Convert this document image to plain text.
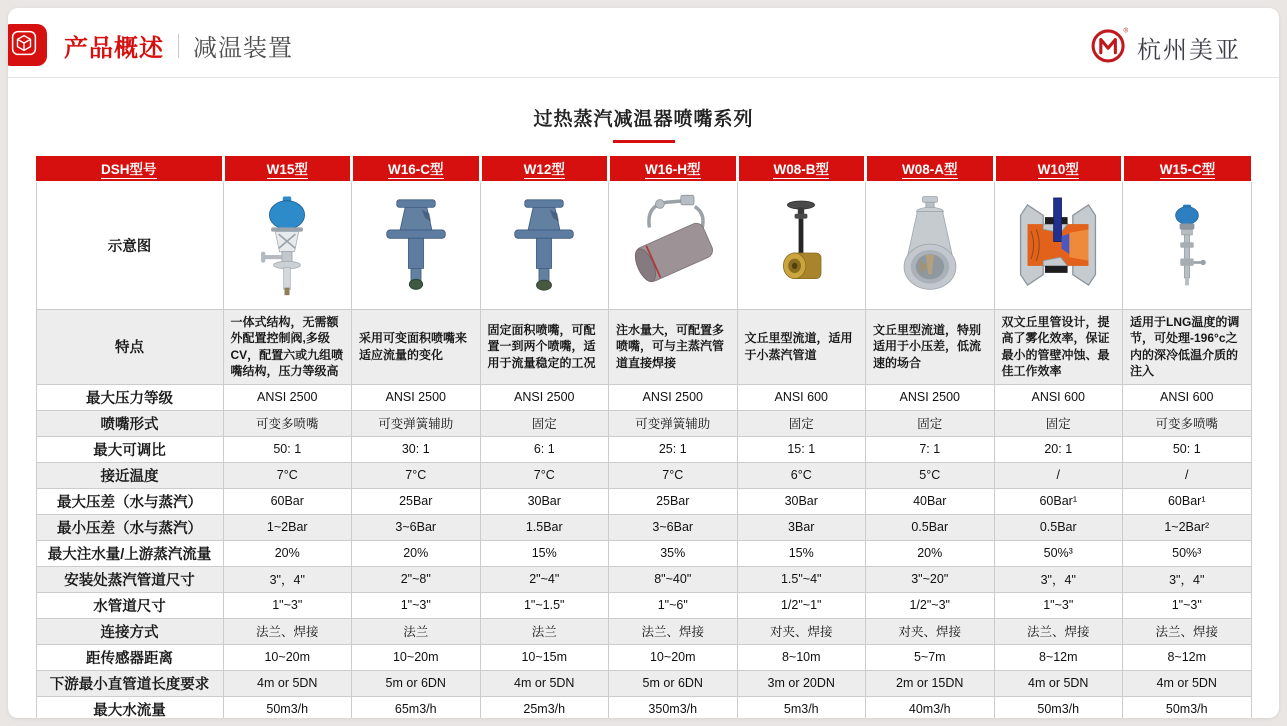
产品概述 减温装置
®
杭州美亚
过热蒸汽减温器喷嘴系列
DSH型号	W15型	W16-C型	W12型	W16-H型	W08-B型	W08-A型	W10型	W15-C型
示意图	

特点	一体式结构，无需额外配置控制阀,多级CV，配置六或九组喷嘴结构，压力等级高	采用可变面积喷嘴来适应流量的变化	固定面积喷嘴，可配置一到两个喷嘴，适用于流量稳定的工况	注水量大，可配置多喷嘴，可与主蒸汽管道直接焊接	文丘里型流道，适用于小蒸汽管道	文丘里型流道，特别适用于小压差，低流速的场合	双文丘里管设计，提高了雾化效率，保证最小的管壁冲蚀、最佳工作效率	适用于LNG温度的调节，可处理-196°c之内的深冷低温介质的注入
最大压力等级	ANSI 2500	ANSI 2500	ANSI 2500	ANSI 2500	ANSI 600	ANSI 2500	ANSI 600	ANSI 600
喷嘴形式	可变多喷嘴	可变弹簧辅助	固定	可变弹簧辅助	固定	固定	固定	可变多喷嘴
最大可调比	50: 1	30: 1	6: 1	25: 1	15: 1	7: 1	20: 1	50: 1
接近温度	7°C	7°C	7°C	7°C	6°C	5°C	/	/
最大压差（水与蒸汽）	60Bar	25Bar	30Bar	25Bar	30Bar	40Bar	60Bar¹	60Bar¹
最小压差（水与蒸汽）	1~2Bar	3~6Bar	1.5Bar	3~6Bar	3Bar	0.5Bar	0.5Bar	1~2Bar²
最大注水量/上游蒸汽流量	20%	20%	15%	35%	15%	20%	50%³	50%³
安装处蒸汽管道尺寸	3"，4"	2"~8"	2"~4"	8"~40"	1.5"~4"	3"~20"	3"，4"	3"，4"
水管道尺寸	1"~3"	1"~3"	1"~1.5"	1"~6"	1/2"~1"	1/2"~3"	1"~3"	1"~3"
连接方式	法兰、焊接	法兰	法兰	法兰、焊接	对夹、焊接	对夹、焊接	法兰、焊接	法兰、焊接
距传感器距离	10~20m	10~20m	10~15m	10~20m	8~10m	5~7m	8~12m	8~12m
下游最小直管道长度要求	4m or 5DN	5m or 6DN	4m or 5DN	5m or 6DN	3m or 20DN	2m or 15DN	4m or 5DN	4m or 5DN
最大水流量	50m3/h	65m3/h	25m3/h	350m3/h	5m3/h	40m3/h	50m3/h	50m3/h
